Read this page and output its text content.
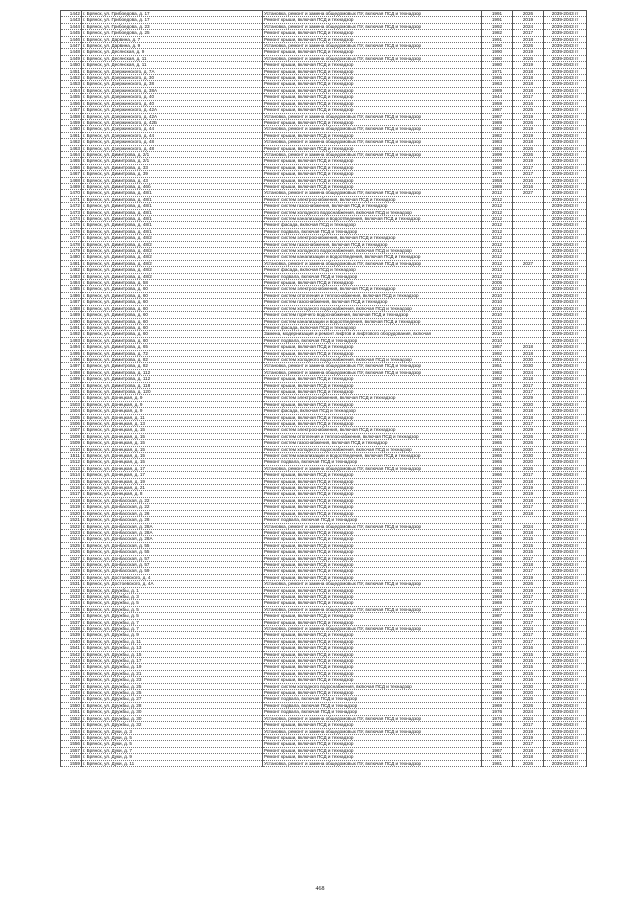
1442	г. Брянск, ул. Грибоедова, д. 17	Установка, ремонт и замена общедомовых ПУ, включая ПСД и технадзор	1991	2026	2039-2043 гг
1443	г. Брянск, ул. Грибоедова, д. 17	Ремонт крыши, включая ПСД и технадзор	1991	2019	2039-2043 гг
1444	г. Брянск, ул. Грибоедова, д. 23	Установка, ремонт и замена общедомовых ПУ, включая ПСД и технадзор	1992	2024	2039-2043 гг
1445	г. Брянск, ул. Грибоедова, д. 25	Ремонт крыши, включая ПСД и технадзор	1982	2017	2039-2043 гг
1446	г. Брянск, ул. Дарвина, д. 7	Ремонт крыши, включая ПСД и технадзор	1991	2018	2039-2043 гг
1447	г. Брянск, ул. Дарвина, д. 9	Установка, ремонт и замена общедомовых ПУ, включая ПСД и технадзор	1990	2026	2039-2043 гг
1448	г. Брянск, ул. Десянская, д. 9	Ремонт крыши, включая ПСД и технадзор	1990	2019	2039-2043 гг
1449	г. Брянск, ул. Десянская, д. 11	Установка, ремонт и замена общедомовых ПУ, включая ПСД и технадзор	1980	2026	2039-2043 гг
1450	г. Брянск, ул. Десянская, д. 11	Ремонт крыши, включая ПСД и технадзор	1980	2019	2039-2043 гг
1451	г. Брянск, ул. Дзержинского, д. 7А	Ремонт крыши, включая ПСД и технадзор	1971	2018	2039-2043 гг
1452	г. Брянск, ул. Дзержинского, д. 30	Ремонт крыши, включая ПСД и технадзор	1965	2018	2039-2043 гг
1453	г. Брянск, ул. Дзержинского, д. 38	Ремонт крыши, включая ПСД и технадзор	1963	2018	2039-2043 гг
1454	г. Брянск, ул. Дзержинского, д. 38А	Ремонт крыши, включая ПСД и технадзор	1989	2018	2039-2043 гг
1455	г. Брянск, ул. Дзержинского, д. 40	Ремонт крыши, включая ПСД и технадзор	1944	2017	2039-2043 гг
1456	г. Брянск, ул. Дзержинского, д. 40	Ремонт крыши, включая ПСД и технадзор	1959	2016	2039-2043 гг
1457	г. Брянск, ул. Дзержинского, д. 42А	Ремонт крыши, включая ПСД и технадзор	1987	2025	2039-2043 гг
1458	г. Брянск, ул. Дзержинского, д. 42А	Установка, ремонт и замена общедомовых ПУ, включая ПСД и технадзор	1987	2019	2039-2043 гг
1459	г. Брянск, ул. Дзержинского, д. 42Б	Ремонт крыши, включая ПСД и технадзор	1989	2026	2039-2043 гг
1460	г. Брянск, ул. Дзержинского, д. 44	Установка, ремонт и замена общедомовых ПУ, включая ПСД и технадзор	1982	2019	2039-2043 гг
1461	г. Брянск, ул. Дзержинского, д. 44	Ремонт крыши, включая ПСД и технадзор	1982	2019	2039-2043 гг
1462	г. Брянск, ул. Дзержинского, д. 48	Установка, ремонт и замена общедомовых ПУ, включая ПСД и технадзор	1983	2018	2039-2043 гг
1463	г. Брянск, ул. Дзержинского, д. 48	Ремонт крыши, включая ПСД и технадзор	1983	2026	2039-2043 гг
1464	г. Брянск, ул. Димитрова, д. 2/1	Установка, ремонт и замена общедомовых ПУ, включая ПСД и технадзор	1999	2026	2039-2043 гг
1465	г. Брянск, ул. Димитрова, д. 2/1	Ремонт крыши, включая ПСД и технадзор	1999	2019	2039-2043 гг
1466	г. Брянск, ул. Димитрова, д. 33	Ремонт крыши, включая ПСД и технадзор	1980	2017	2039-2043 гг
1467	г. Брянск, ул. Димитрова, д. 39	Ремонт крыши, включая ПСД и технадзор	1976	2017	2039-2043 гг
1468	г. Брянск, ул. Димитрова, д. 43	Ремонт крыши, включая ПСД и технадзор	1958	2016	2039-2043 гг
1469	г. Брянск, ул. Димитрова, д. 46б	Ремонт крыши, включая ПСД и технадзор	1989	2016	2039-2043 гг
1470	г. Брянск, ул. Димитрова, д. 48/1	Установка, ремонт и замена общедомовых ПУ, включая ПСД и технадзор	2012	2027	2039-2043 гг
1471	г. Брянск, ул. Димитрова, д. 48/1	Ремонт систем электроснабжения, включая ПСД и технадзор	2012		2039-2043 гг
1472	г. Брянск, ул. Димитрова, д. 48/1	Ремонт систем газоснабжения, включая ПСД и технадзор	2012		2039-2043 гг
1473	г. Брянск, ул. Димитрова, д. 48/1	Ремонт систем холодного водоснабжения, включая ПСД и технадзор	2012		2039-2043 гг
1474	г. Брянск, ул. Димитрова, д. 48/1	Ремонт систем канализации и водоотведения, включая ПСД и технадзор	2012		2039-2043 гг
1475	г. Брянск, ул. Димитрова, д. 48/1	Ремонт фасада, включая ПСД и технадзор	2012		2039-2043 гг
1476	г. Брянск, ул. Димитрова, д. 48/1	Ремонт подвала, включая ПСД и технадзор	2012		2039-2043 гг
1477	г. Брянск, ул. Димитрова, д. 48/2	Ремонт систем электроснабжения, включая ПСД и технадзор	2012		2039-2043 гг
1478	г. Брянск, ул. Димитрова, д. 48/2	Ремонт систем газоснабжения, включая ПСД и технадзор	2012		2039-2043 гг
1479	г. Брянск, ул. Димитрова, д. 48/2	Ремонт систем холодного водоснабжения, включая ПСД и технадзор	2012		2039-2043 гг
1480	г. Брянск, ул. Димитрова, д. 48/2	Ремонт систем канализации и водоотведения, включая ПСД и технадзор	2012		2039-2043 гг
1481	г. Брянск, ул. Димитрова, д. 48/2	Установка, ремонт и замена общедомовых ПУ, включая ПСД и технадзор	2012	2027	2039-2043 гг
1482	г. Брянск, ул. Димитрова, д. 48/2	Ремонт фасада, включая ПСД и технадзор	2012		2039-2043 гг
1483	г. Брянск, ул. Димитрова, д. 48/2	Ремонт подвала, включая ПСД и технадзор	2012		2039-2043 гг
1484	г. Брянск, ул. Димитрова, д. 58	Ремонт крыши, включая ПСД и технадзор	2005		2039-2043 гг
1485	г. Брянск, ул. Димитрова, д. 60	Ремонт систем электроснабжения, включая ПСД и технадзор	2010		2039-2043 гг
1486	г. Брянск, ул. Димитрова, д. 60	Ремонт систем отопления и теплоснабжения, включая ПСД и технадзор	2010		2039-2043 гг
1487	г. Брянск, ул. Димитрова, д. 60	Ремонт систем газоснабжения, включая ПСД и технадзор	2010		2039-2043 гг
1488	г. Брянск, ул. Димитрова, д. 60	Ремонт систем холодного водоснабжения, включая ПСД и технадзор	2010		2039-2043 гг
1489	г. Брянск, ул. Димитрова, д. 60	Ремонт систем горячего водоснабжения, включая ПСД и технадзор	2010		2039-2043 гг
1490	г. Брянск, ул. Димитрова, д. 60	Ремонт систем канализации и водоотведения, включая ПСД и технадзор	2010		2039-2043 гг
1491	г. Брянск, ул. Димитрова, д. 60	Ремонт фасада, включая ПСД и технадзор	2010		2039-2043 гг
1492	г. Брянск, ул. Димитрова, д. 60	Замена, модернизация и ремонт лифтов и лифтового оборудования, включая	2010		2039-2043 гг
1493	г. Брянск, ул. Димитрова, д. 60	Ремонт подвала, включая ПСД и технадзор	2010		2039-2043 гг
1494	г. Брянск, ул. Димитрова, д. 65	Ремонт крыши, включая ПСД и технадзор	1957	2018	2039-2043 гг
1495	г. Брянск, ул. Димитрова, д. 72	Ремонт крыши, включая ПСД и технадзор	1992	2018	2039-2043 гг
1496	г. Брянск, ул. Димитрова, д. 82	Ремонт систем холодного водоснабжения, включая ПСД и технадзор	1951	2030	2039-2043 гг
1497	г. Брянск, ул. Димитрова, д. 82	Установка, ремонт и замена общедомовых ПУ, включая ПСД и технадзор	1951	2030	2039-2043 гг
1498	г. Брянск, ул. Димитрова, д. 112	Установка, ремонт и замена общедомовых ПУ, включая ПСД и технадзор	1982	2024	2039-2043 гг
1499	г. Брянск, ул. Димитрова, д. 112	Ремонт крыши, включая ПСД и технадзор	1982	2018	2039-2043 гг
1500	г. Брянск, ул. Димитрова, д. 118	Ремонт крыши, включая ПСД и технадзор	1970	2017	2039-2043 гг
1501	г. Брянск, ул. Димитрова, д. 120	Ремонт крыши, включая ПСД и технадзор	1966	2017	2039-2043 гг
1502	г. Брянск, ул. Донецкая, д. 9	Ремонт систем электроснабжения, включая ПСД и технадзор	1961	2029	2039-2043 гг
1503	г. Брянск, ул. Донецкая, д. 9	Ремонт крыши, включая ПСД и технадзор	1961	2020	2039-2043 гг
1504	г. Брянск, ул. Донецкая, д. 9	Ремонт фасада, включая ПСД и технадзор	1961	2018	2039-2043 гг
1505	г. Брянск, ул. Донецкая, д. 11	Ремонт крыши, включая ПСД и технадзор	1966	2018	2039-2043 гг
1506	г. Брянск, ул. Донецкая, д. 13	Ремонт крыши, включая ПСД и технадзор	1968	2017	2039-2043 гг
1507	г. Брянск, ул. Донецкая, д. 15	Ремонт систем электроснабжения, включая ПСД и технадзор	1965	2029	2039-2043 гг
1508	г. Брянск, ул. Донецкая, д. 15	Ремонт систем отопления и теплоснабжения, включая ПСД и технадзор	1965	2026	2039-2043 гг
1509	г. Брянск, ул. Донецкая, д. 15	Ремонт систем газоснабжения, включая ПСД и технадзор	1965	2026	2039-2043 гг
1510	г. Брянск, ул. Донецкая, д. 15	Ремонт систем холодного водоснабжения, включая ПСД и технадзор	1965	2030	2039-2043 гг
1511	г. Брянск, ул. Донецкая, д. 15	Ремонт систем канализации и водоотведения, включая ПСД и технадзор	1965	2030	2039-2043 гг
1512	г. Брянск, ул. Донецкая, д. 15	Ремонт подвала, включая ПСД и технадзор	1965	2020	2039-2043 гг
1513	г. Брянск, ул. Донецкая, д. 17	Установка, ремонт и замена общедомовых ПУ, включая ПСД и технадзор	1966	2026	2039-2043 гг
1514	г. Брянск, ул. Донецкая, д. 17	Ремонт крыши, включая ПСД и технадзор	1966	2017	2039-2043 гг
1515	г. Брянск, ул. Донецкая, д. 19	Ремонт крыши, включая ПСД и технадзор	1966	2018	2039-2043 гг
1516	г. Брянск, ул. Донецкая, д. 21	Ремонт крыши, включая ПСД и технадзор	1927	2019	2039-2043 гг
1517	г. Брянск, ул. Донецкая, д. 8	Ремонт крыши, включая ПСД и технадзор	1952	2019	2039-2043 гг
1518	г. Брянск, ул. Донбасская, д. 22	Ремонт крыши, включая ПСД и технадзор	1979	2018	2039-2043 гг
1519	г. Брянск, ул. Донбасская, д. 22	Ремонт крыши, включая ПСД и технадзор	1988	2017	2039-2043 гг
1520	г. Брянск, ул. Донбасская, д. 26	Ремонт крыши, включая ПСД и технадзор	1972	2018	2039-2043 гг
1521	г. Брянск, ул. Донбасская, д. 28	Ремонт подвала, включая ПСД и технадзор	1972		2039-2043 гг
1522	г. Брянск, ул. Донбасская, д. 28А	Установка, ремонт и замена общедомовых ПУ, включая ПСД и технадзор	1984	2024	2039-2043 гг
1523	г. Брянск, ул. Донбасская, д. 28А	Ремонт крыши, включая ПСД и технадзор	1981	2018	2039-2043 гг
1524	г. Брянск, ул. Донбасская, д. 28А	Ремонт крыши, включая ПСД и технадзор	1989	2015	2039-2043 гг
1525	г. Брянск, ул. Донбасская, д. 55	Ремонт крыши, включая ПСД и технадзор	1966	2015	2039-2043 гг
1526	г. Брянск, ул. Донбасская, д. 55	Ремонт крыши, включая ПСД и технадзор	1966	2015	2039-2043 гг
1527	г. Брянск, ул. Донбасская, д. 57	Ремонт крыши, включая ПСД и технадзор	1966	2017	2039-2043 гг
1528	г. Брянск, ул. Донбасская, д. 57	Ремонт крыши, включая ПСД и технадзор	1966	2018	2039-2043 гг
1529	г. Брянск, ул. Донбасская, д. 59	Ремонт крыши, включая ПСД и технадзор	1988	2017	2039-2043 гг
1530	г. Брянск, ул. Достоевского, д. 4	Ремонт крыши, включая ПСД и технадзор	1965	2019	2039-2043 гг
1531	г. Брянск, ул. Достоевского, д. 4А	Установка, ремонт и замена общедомовых ПУ, включая ПСД и технадзор	1993	2026	2039-2043 гг
1532	г. Брянск, ул. Дружбы, д. 1	Ремонт крыши, включая ПСД и технадзор	1993	2019	2039-2043 гг
1533	г. Брянск, ул. Дружбы, д. 3	Ремонт крыши, включая ПСД и технадзор	1969	2017	2039-2043 гг
1534	г. Брянск, ул. Дружбы, д. 5	Ремонт крыши, включая ПСД и технадзор	1969	2017	2039-2043 гг
1535	г. Брянск, ул. Дружбы, д. 5	Установка, ремонт и замена общедомовых ПУ, включая ПСД и технадзор	1987	2026	2039-2043 гг
1536	г. Брянск, ул. Дружбы, д. 5	Ремонт крыши, включая ПСД и технадзор	1987	2019	2039-2043 гг
1537	г. Брянск, ул. Дружбы, д. 7	Ремонт крыши, включая ПСД и технадзор	1969	2017	2039-2043 гг
1538	г. Брянск, ул. Дружбы, д. 7	Установка, ремонт и замена общедомовых ПУ, включая ПСД и технадзор	1963	2024	2039-2043 гг
1539	г. Брянск, ул. Дружбы, д. 9	Ремонт крыши, включая ПСД и технадзор	1970	2017	2039-2043 гг
1540	г. Брянск, ул. Дружбы, д. 11	Ремонт крыши, включая ПСД и технадзор	1970	2017	2039-2043 гг
1541	г. Брянск, ул. Дружбы, д. 13	Ремонт крыши, включая ПСД и технадзор	1972	2016	2039-2043 гг
1542	г. Брянск, ул. Дружбы, д. 15	Ремонт крыши, включая ПСД и технадзор	1959	2015	2039-2043 гг
1543	г. Брянск, ул. Дружбы, д. 17	Ремонт крыши, включая ПСД и технадзор	1963	2015	2039-2043 гг
1544	г. Брянск, ул. Дружбы, д. 19	Ремонт крыши, включая ПСД и технадзор	1959	2015	2039-2043 гг
1545	г. Брянск, ул. Дружбы, д. 21	Ремонт крыши, включая ПСД и технадзор	1960	2015	2039-2043 гг
1546	г. Брянск, ул. Дружбы, д. 23	Ремонт крыши, включая ПСД и технадзор	1962	2016	2039-2043 гг
1547	г. Брянск, ул. Дружбы, д. 25	Ремонт систем холодного водоснабжения, включая ПСД и технадзор	1969	2030	2039-2043 гг
1548	г. Брянск, ул. Дружбы, д. 25	Ремонт крыши, включая ПСД и технадзор	1969	2020	2039-2043 гг
1549	г. Брянск, ул. Дружбы, д. 27	Ремонт подвала, включая ПСД и технадзор	1969	2026	2039-2043 гг
1550	г. Брянск, ул. Дружбы, д. 28	Ремонт подвала, включая ПСД и технадзор	1969	2026	2039-2043 гг
1551	г. Брянск, ул. Дружбы, д. 30	Ремонт подвала, включая ПСД и технадзор	1976	2024	2039-2043 гг
1552	г. Брянск, ул. Дружбы, д. 30	Установка, ремонт и замена общедомовых ПУ, включая ПСД и технадзор	1976	2024	2039-2043 гг
1553	г. Брянск, ул. Дружбы, д. 32	Ремонт крыши, включая ПСД и технадзор	1969	2017	2039-2043 гг
1554	г. Брянск, ул. Дуки, д. 3	Установка, ремонт и замена общедомовых ПУ, включая ПСД и технадзор	1993	2019	2039-2043 гг
1555	г. Брянск, ул. Дуки, д. 5	Ремонт крыши, включая ПСД и технадзор	1993	2019	2039-2043 гг
1556	г. Брянск, ул. Дуки, д. 5	Ремонт крыши, включая ПСД и технадзор	1968	2017	2039-2043 гг
1557	г. Брянск, ул. Дуки, д. 7	Ремонт крыши, включая ПСД и технадзор	1967	2018	2039-2043 гг
1558	г. Брянск, ул. Дуки, д. 9	Ремонт крыши, включая ПСД и технадзор	1981	2018	2039-2043 гг
1559	г. Брянск, ул. Дуки, д. 11	Установка, ремонт и замена общедомовых ПУ, включая ПСД и технадзор	1981	2026	2039-2043 гг
468
